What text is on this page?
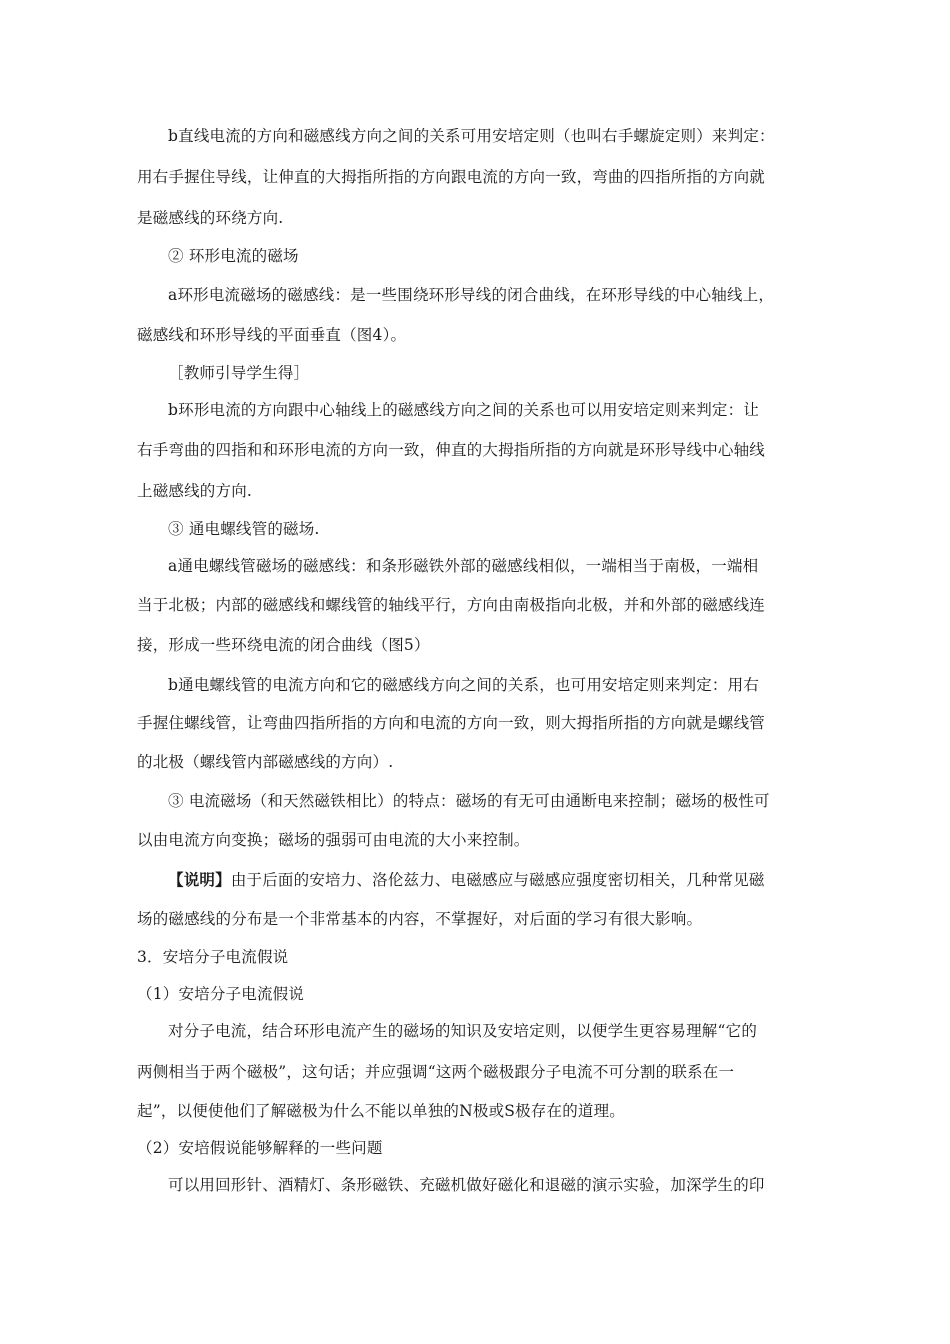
b直线电流的方向和磁感线方向之间的关系可用安培定则（也叫右手螺旋定则）来判定：
用右手握住导线，让伸直的大拇指所指的方向跟电流的方向一致，弯曲的四指所指的方向就
是磁感线的环绕方向.
② 环形电流的磁场
a环形电流磁场的磁感线：是一些围绕环形导线的闭合曲线，在环形导线的中心轴线上，
磁感线和环形导线的平面垂直（图4）。
［教师引导学生得］
b环形电流的方向跟中心轴线上的磁感线方向之间的关系也可以用安培定则来判定：让
右手弯曲的四指和和环形电流的方向一致，伸直的大拇指所指的方向就是环形导线中心轴线
上磁感线的方向.
③ 通电螺线管的磁场.
a通电螺线管磁场的磁感线：和条形磁铁外部的磁感线相似，一端相当于南极，一端相
当于北极；内部的磁感线和螺线管的轴线平行，方向由南极指向北极，并和外部的磁感线连
接，形成一些环绕电流的闭合曲线（图5）
b通电螺线管的电流方向和它的磁感线方向之间的关系，也可用安培定则来判定：用右
手握住螺线管，让弯曲四指所指的方向和电流的方向一致，则大拇指所指的方向就是螺线管
的北极（螺线管内部磁感线的方向）.
③ 电流磁场（和天然磁铁相比）的特点：磁场的有无可由通断电来控制；磁场的极性可
以由电流方向变换；磁场的强弱可由电流的大小来控制。
【说明】由于后面的安培力、洛伦兹力、电磁感应与磁感应强度密切相关，几种常见磁
场的磁感线的分布是一个非常基本的内容，不掌握好，对后面的学习有很大影响。
3．安培分子电流假说
（1）安培分子电流假说
对分子电流，结合环形电流产生的磁场的知识及安培定则，以便学生更容易理解“它的
两侧相当于两个磁极”，这句话；并应强调“这两个磁极跟分子电流不可分割的联系在一
起”，以便使他们了解磁极为什么不能以单独的N极或S极存在的道理。
（2）安培假说能够解释的一些问题
可以用回形针、酒精灯、条形磁铁、充磁机做好磁化和退磁的演示实验，加深学生的印
